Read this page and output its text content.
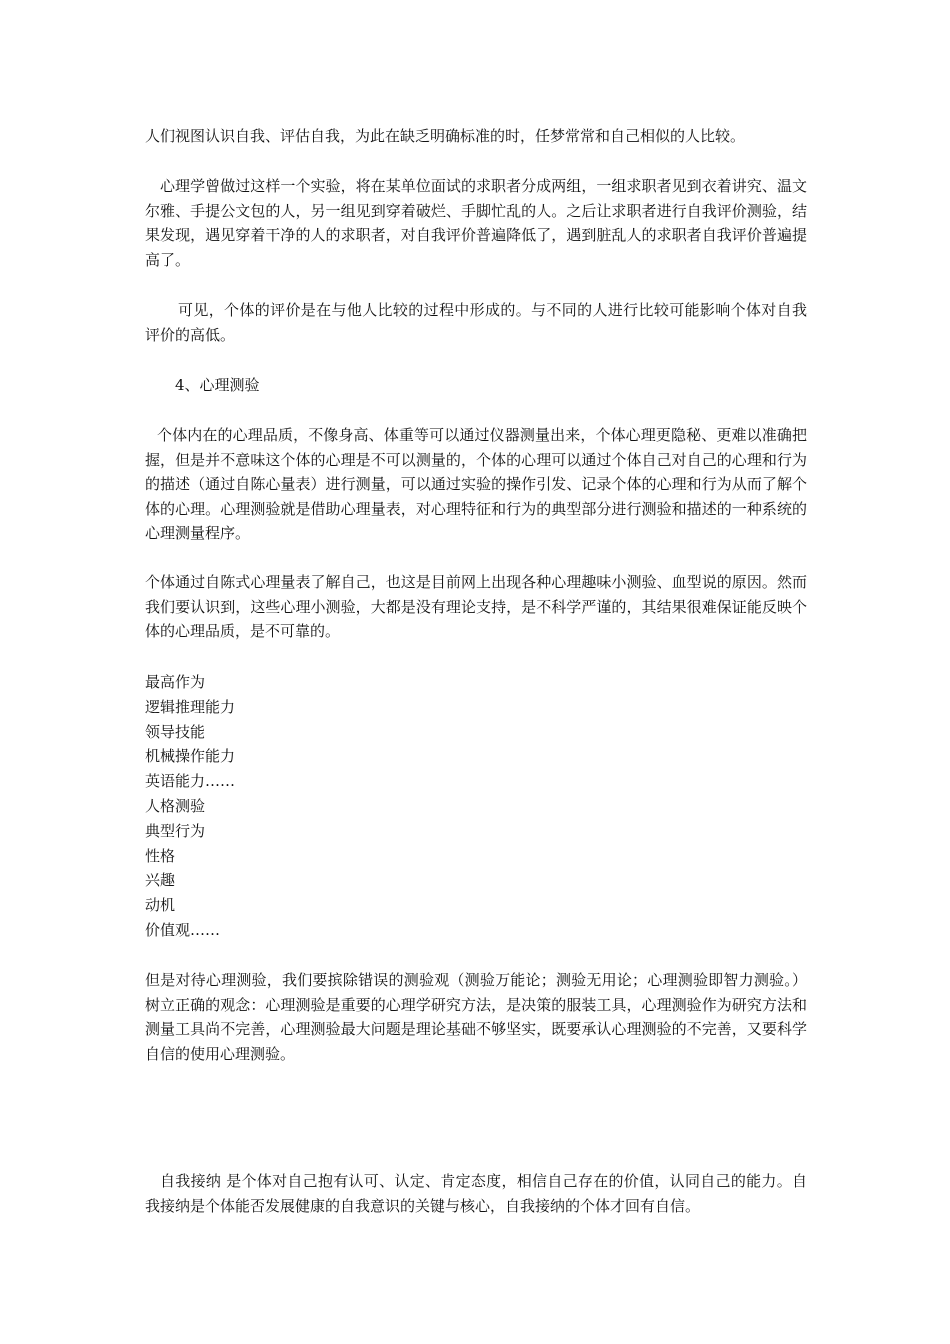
人们视图认识自我、评估自我，为此在缺乏明确标准的时，任梦常常和自己相似的人比较。

心理学曾做过这样一个实验，将在某单位面试的求职者分成两组，一组求职者见到衣着讲究、温文尔雅、手提公文包的人，另一组见到穿着破烂、手脚忙乱的人。之后让求职者进行自我评价测验，结果发现，遇见穿着干净的人的求职者，对自我评价普遍降低了，遇到脏乱人的求职者自我评价普遍提高了。

可见，个体的评价是在与他人比较的过程中形成的。与不同的人进行比较可能影响个体对自我评价的高低。

4、心理测验

个体内在的心理品质，不像身高、体重等可以通过仪器测量出来，个体心理更隐秘、更难以准确把握，但是并不意味这个体的心理是不可以测量的，个体的心理可以通过个体自己对自己的心理和行为的描述（通过自陈心量表）进行测量，可以通过实验的操作引发、记录个体的心理和行为从而了解个体的心理。心理测验就是借助心理量表，对心理特征和行为的典型部分进行测验和描述的一种系统的心理测量程序。

个体通过自陈式心理量表了解自己，也这是目前网上出现各种心理趣味小测验、血型说的原因。然而我们要认识到，这些心理小测验，大都是没有理论支持，是不科学严谨的，其结果很难保证能反映个体的心理品质，是不可靠的。

最高作为
逻辑推理能力
领导技能
机械操作能力
英语能力……
人格测验
典型行为
性格
兴趣
动机
价值观……

但是对待心理测验，我们要摈除错误的测验观（测验万能论；测验无用论；心理测验即智力测验。）树立正确的观念：心理测验是重要的心理学研究方法，是决策的服装工具，心理测验作为研究方法和测量工具尚不完善，心理测验最大问题是理论基础不够坚实，既要承认心理测验的不完善，又要科学自信的使用心理测验。

自我接纳 是个体对自己抱有认可、认定、肯定态度，相信自己存在的价值，认同自己的能力。自我接纳是个体能否发展健康的自我意识的关键与核心，自我接纳的个体才回有自信。
